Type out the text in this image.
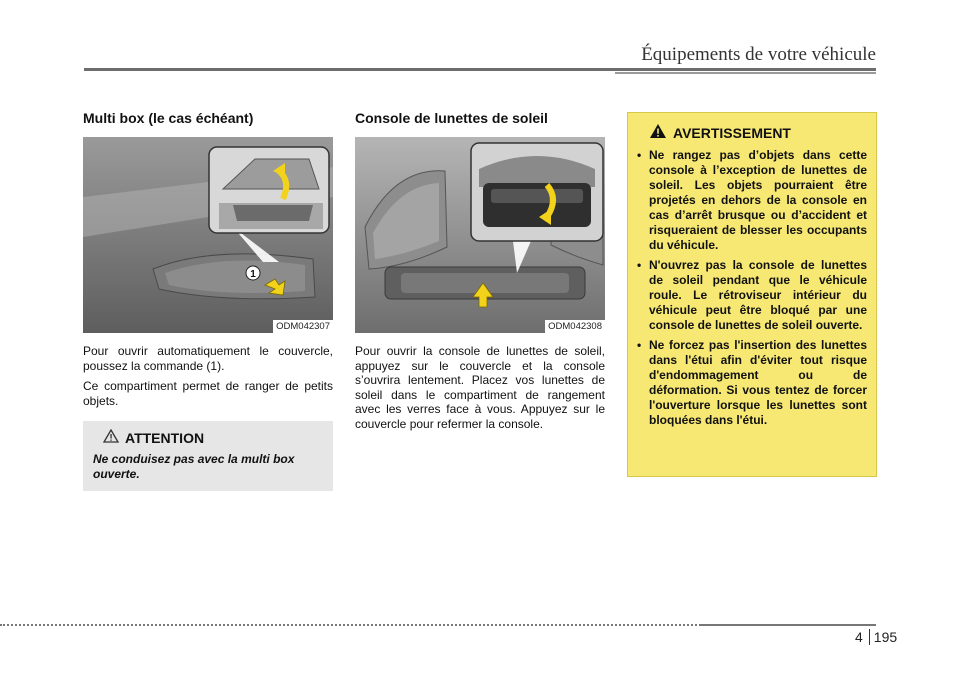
Équipements de votre véhicule
Multi box (le cas échéant)
1
ODM042307

Pour ouvrir automatiquement le couvercle, poussez la commande (1).

Ce compartiment permet de ranger de petits objets.

ATTENTION
Ne conduisez pas avec la multi box ouverte.
Console de lunettes de soleil
ODM042308

Pour ouvrir la console de lunettes de soleil, appuyez sur le couvercle et la console s’ouvrira lentement. Placez vos lunettes de soleil dans le compartiment de rangement avec les verres face à vous. Appuyez sur le couvercle pour refermer la console.

AVERTISSEMENT
• Ne rangez pas d’objets dans cette console à l’exception de lunettes de soleil. Les objets pourraient être projetés en dehors de la console en cas d’arrêt brusque ou d’accident et risqueraient de blesser les occupants du véhicule.
• N'ouvrez pas la console de lunettes de soleil pendant que le véhicule roule. Le rétroviseur intérieur du véhicule peut être bloqué par une console de lunettes de soleil ouverte.
• Ne forcez pas l'insertion des lunettes dans l'étui afin d'éviter tout risque d'endommagement ou de déformation. Si vous tentez de forcer l'ouverture lorsque les lunettes sont bloquées dans l'étui.
4 195
